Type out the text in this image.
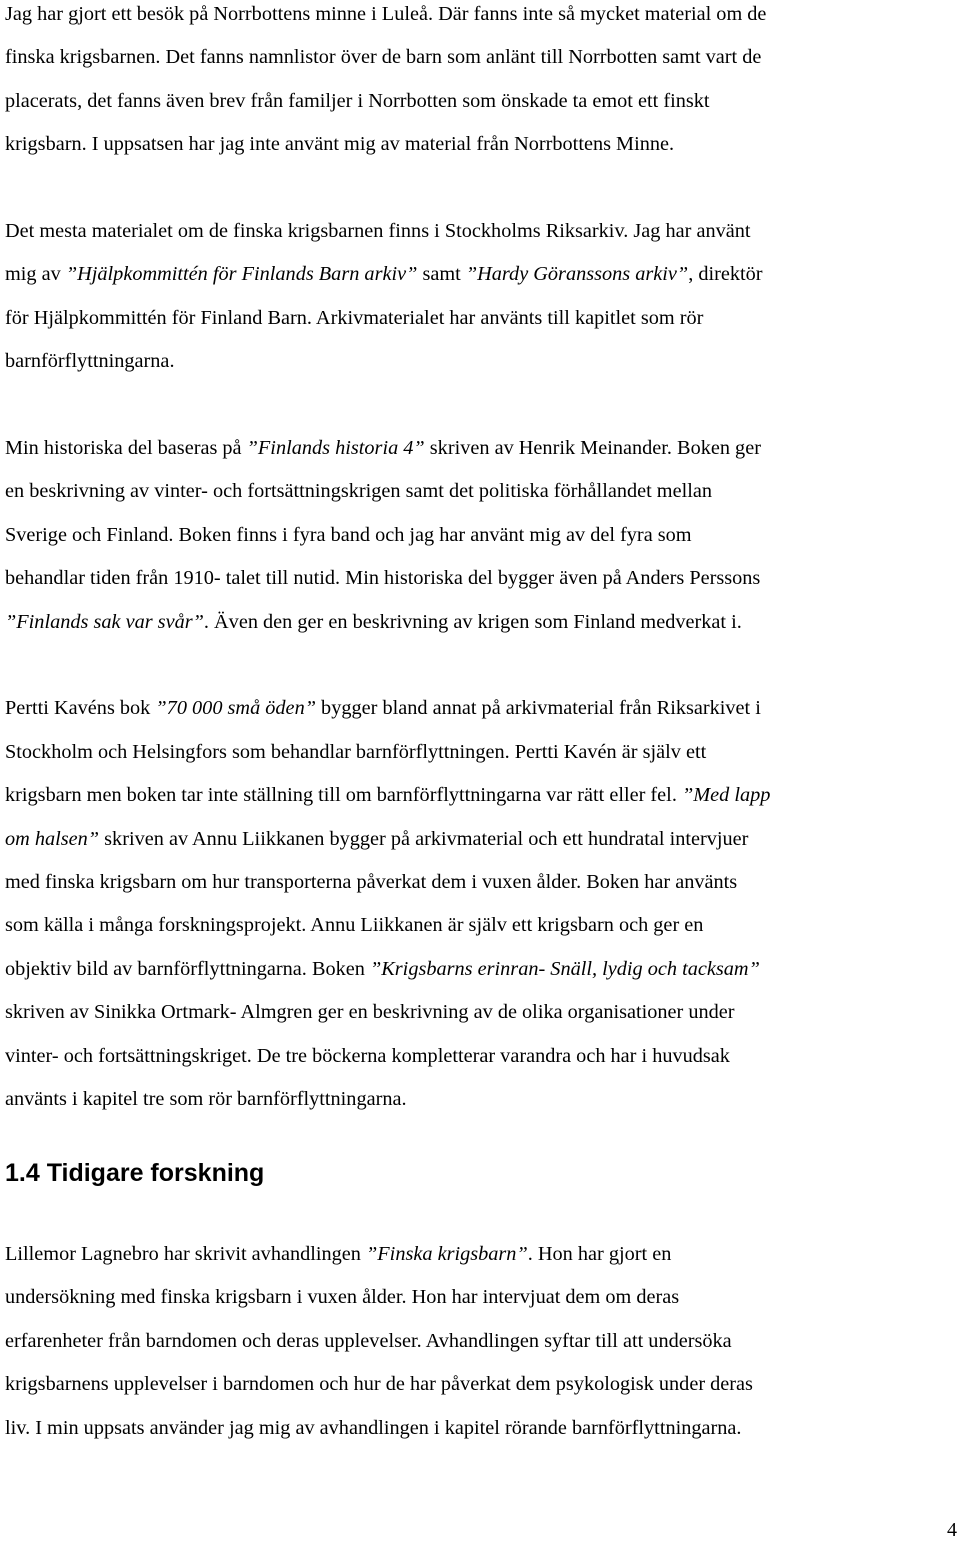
Jag har gjort ett besök på Norrbottens minne i Luleå. Där fanns inte så mycket material om de
finska krigsbarnen. Det fanns namnlistor över de barn som anlänt till Norrbotten samt vart de
placerats, det fanns även brev från familjer i Norrbotten som önskade ta emot ett finskt
krigsbarn. I uppsatsen har jag inte använt mig av material från Norrbottens Minne.

Det mesta materialet om de finska krigsbarnen finns i Stockholms Riksarkiv. Jag har använt
mig av ”Hjälpkommittén för Finlands Barn arkiv” samt ”Hardy Göranssons arkiv”, direktör
för Hjälpkommittén för Finland Barn. Arkivmaterialet har använts till kapitlet som rör
barnförflyttningarna.

Min historiska del baseras på ”Finlands historia 4” skriven av Henrik Meinander. Boken ger
en beskrivning av vinter- och fortsättningskrigen samt det politiska förhållandet mellan
Sverige och Finland. Boken finns i fyra band och jag har använt mig av del fyra som
behandlar tiden från 1910- talet till nutid. Min historiska del bygger även på Anders Perssons
”Finlands sak var svår”. Även den ger en beskrivning av krigen som Finland medverkat i.

Pertti Kavéns bok ”70 000 små öden” bygger bland annat på arkivmaterial från Riksarkivet i
Stockholm och Helsingfors som behandlar barnförflyttningen. Pertti Kavén är själv ett
krigsbarn men boken tar inte ställning till om barnförflyttningarna var rätt eller fel. ”Med lapp
om halsen” skriven av Annu Liikkanen bygger på arkivmaterial och ett hundratal intervjuer
med finska krigsbarn om hur transporterna påverkat dem i vuxen ålder. Boken har använts
som källa i många forskningsprojekt. Annu Liikkanen är själv ett krigsbarn och ger en
objektiv bild av barnförflyttningarna. Boken ”Krigsbarns erinran- Snäll, lydig och tacksam”
skriven av Sinikka Ortmark- Almgren ger en beskrivning av de olika organisationer under
vinter- och fortsättningskriget. De tre böckerna kompletterar varandra och har i huvudsak
använts i kapitel tre som rör barnförflyttningarna.

1.4 Tidigare forskning

Lillemor Lagnebro har skrivit avhandlingen ”Finska krigsbarn”. Hon har gjort en
undersökning med finska krigsbarn i vuxen ålder. Hon har intervjuat dem om deras
erfarenheter från barndomen och deras upplevelser. Avhandlingen syftar till att undersöka
krigsbarnens upplevelser i barndomen och hur de har påverkat dem psykologisk under deras
liv. I min uppsats använder jag mig av avhandlingen i kapitel rörande barnförflyttningarna.

4
